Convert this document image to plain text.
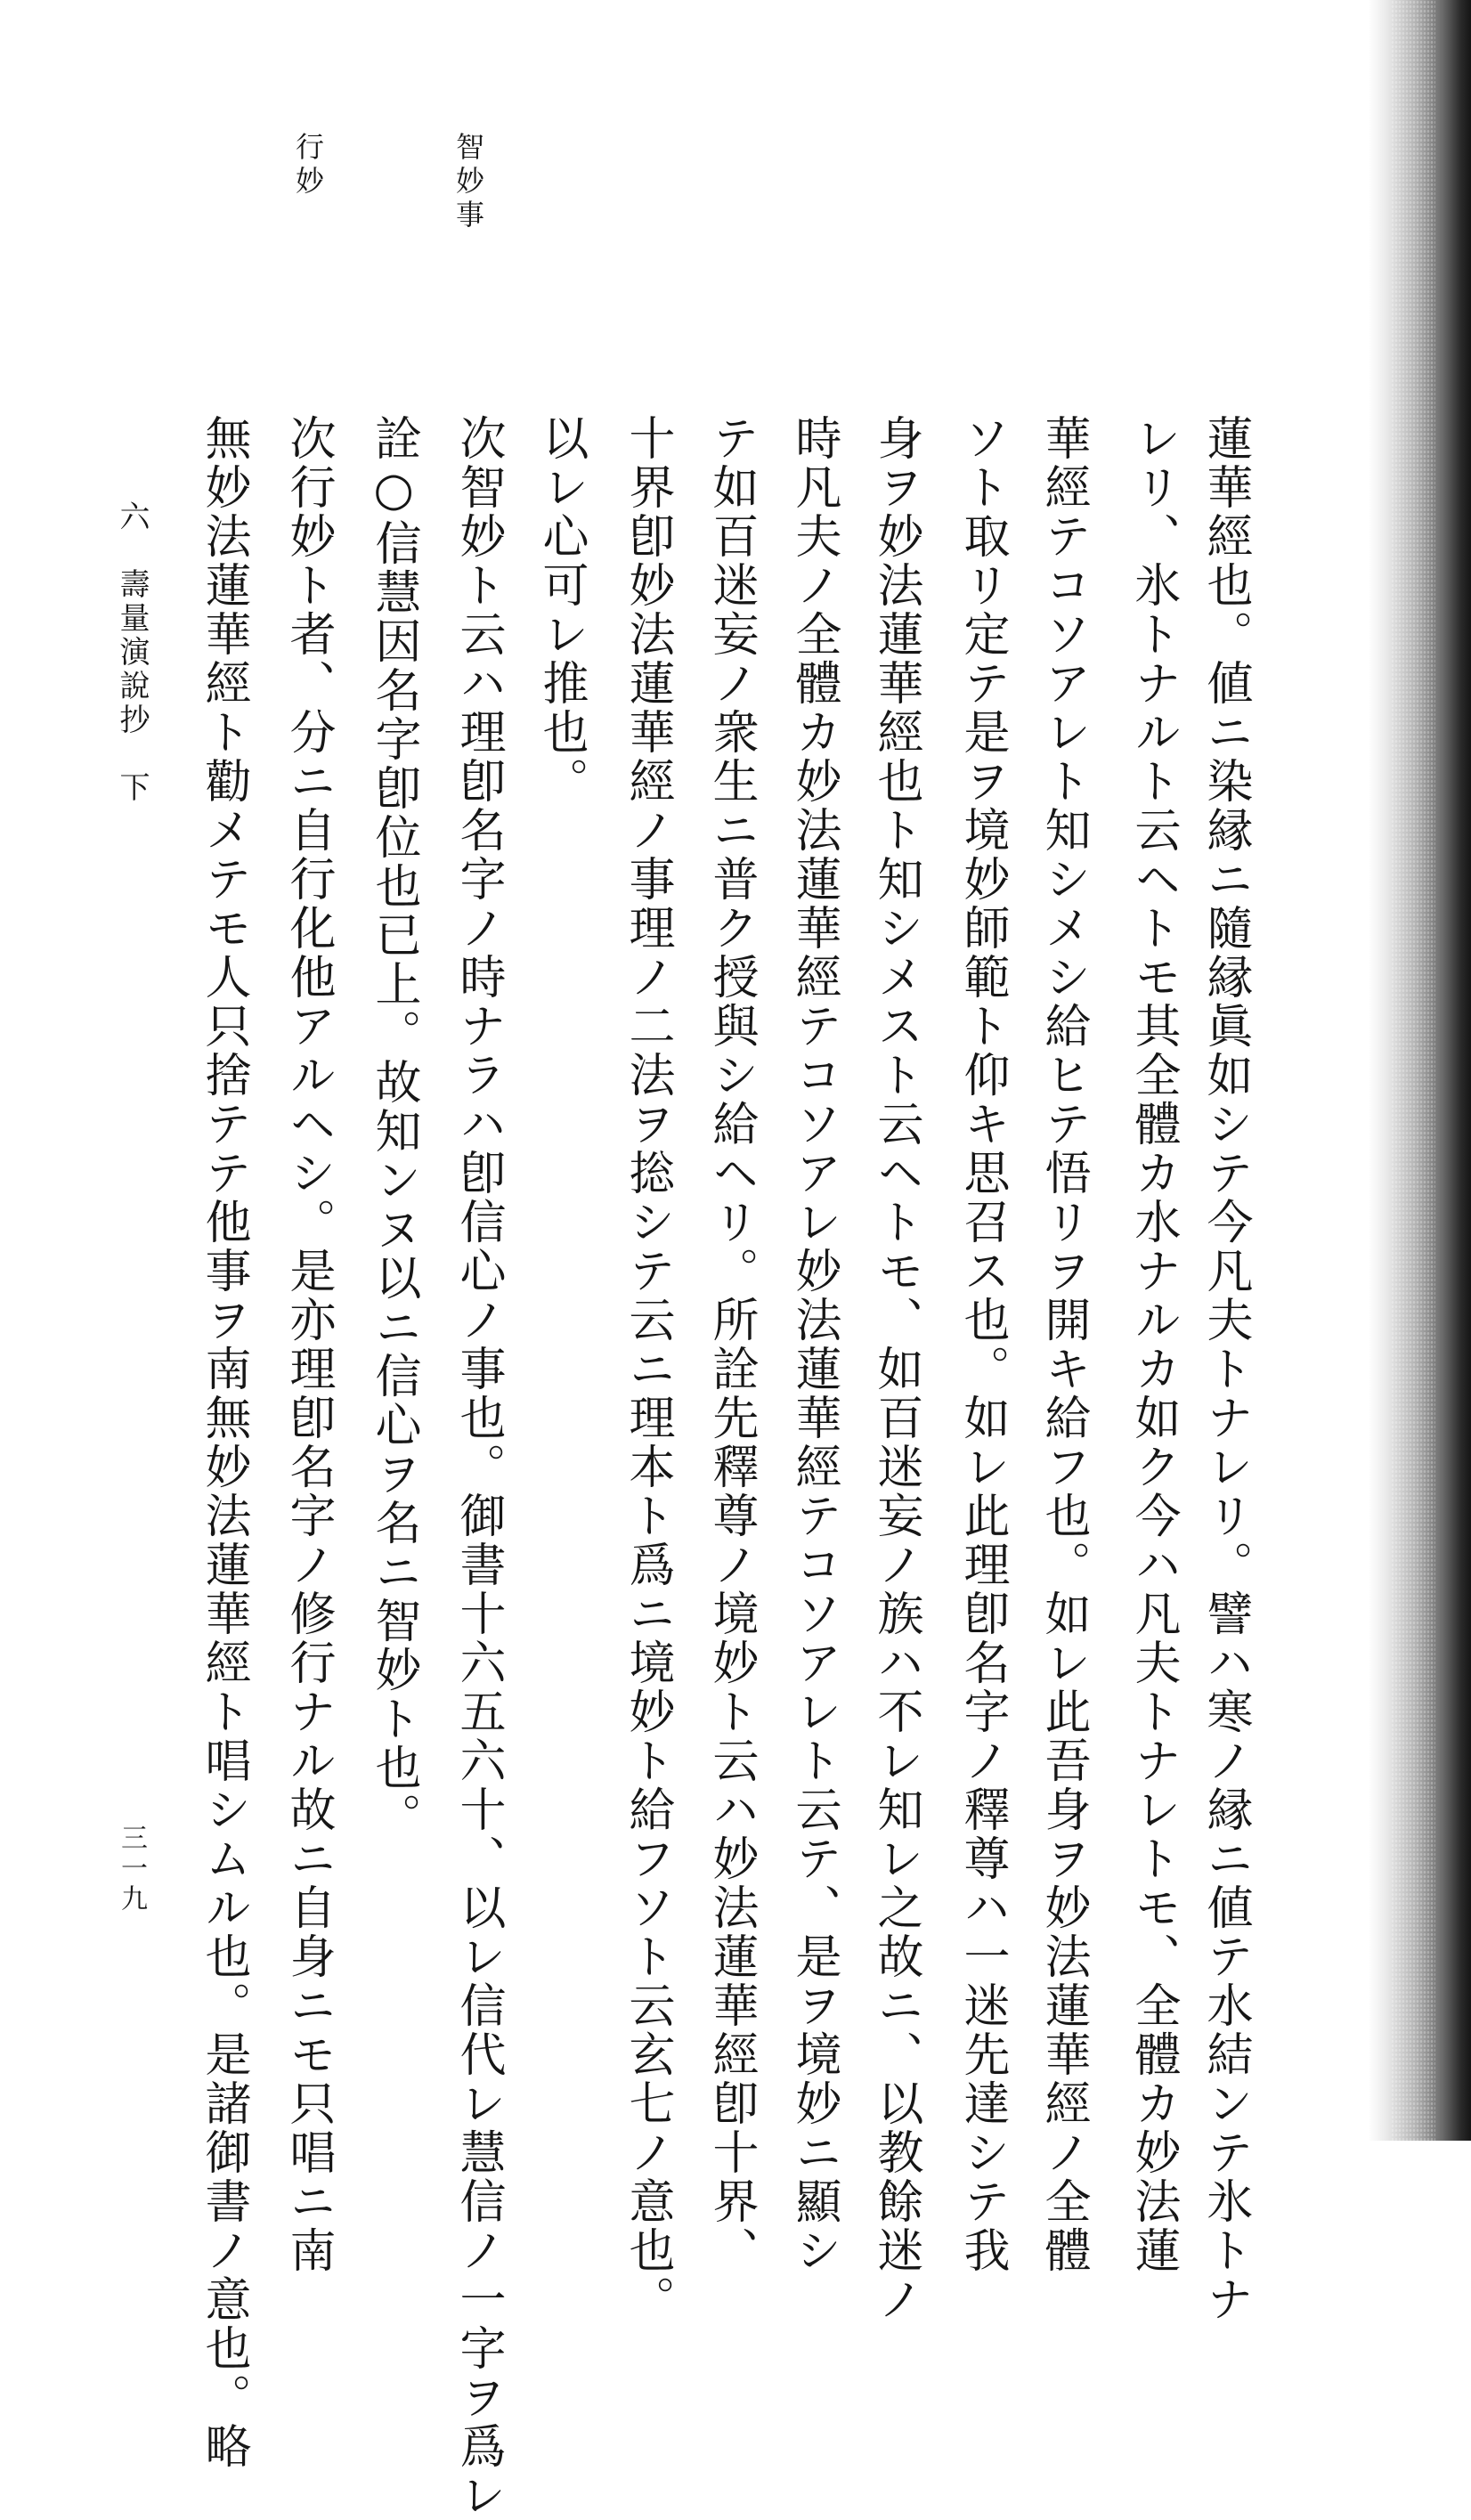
智妙事
行妙
蓮華經也。値ニ染縁ニ隨縁眞如シテ今凡夫トナレリ。譬ハ寒ノ縁ニ値テ水結ンテ氷トナ
レリ、氷トナルト云ヘトモ其全體カ水ナルカ如ク今ハ凡夫トナレトモ、全體カ妙法蓮
華經テコソアレト知シメシ給ヒテ悟リヲ開キ給フ也。如レ此吾身ヲ妙法蓮華經ノ全體
ソト取リ定テ是ヲ境妙師範ト仰キ思召ス也。如レ此理卽名字ノ釋尊ハ一迷先達シテ我
身ヲ妙法蓮華經也ト知シメスト云ヘトモ、如百迷妄ノ族ハ不レ知レ之故ニ、以教餘迷ノ
時凡夫ノ全體カ妙法蓮華經テコソアレ妙法蓮華經テコソアレト云テ、是ヲ境妙ニ顯シ
テ如百迷妄ノ衆生ニ普ク授與シ給ヘリ。所詮先釋尊ノ境妙ト云ハ妙法蓮華經卽十界、
十界卽妙法蓮華經ノ事理ノ二法ヲ捴シテ云ニ理本ト爲ニ境妙ト給フソト云玄七ノ意也。
以レ心可レ推也。
次智妙ト云ハ理卽名字ノ時ナラハ卽信心ノ事也。御書十六五六十、以レ信代レ慧信ノ一字ヲ爲レ
詮○信慧因名字卽位也已上。故知ンヌ以ニ信心ヲ名ニ智妙ト也。
次行妙ト者、分ニ自行化他アルヘシ。是亦理卽名字ノ修行ナル故ニ自身ニモ只唱ニ南
無妙法蓮華經ト勸メテモ人只捨テテ他事ヲ南無妙法蓮華經ト唱シムル也。是諸御書ノ意也。略
六　壽量演說抄　下
三一九
